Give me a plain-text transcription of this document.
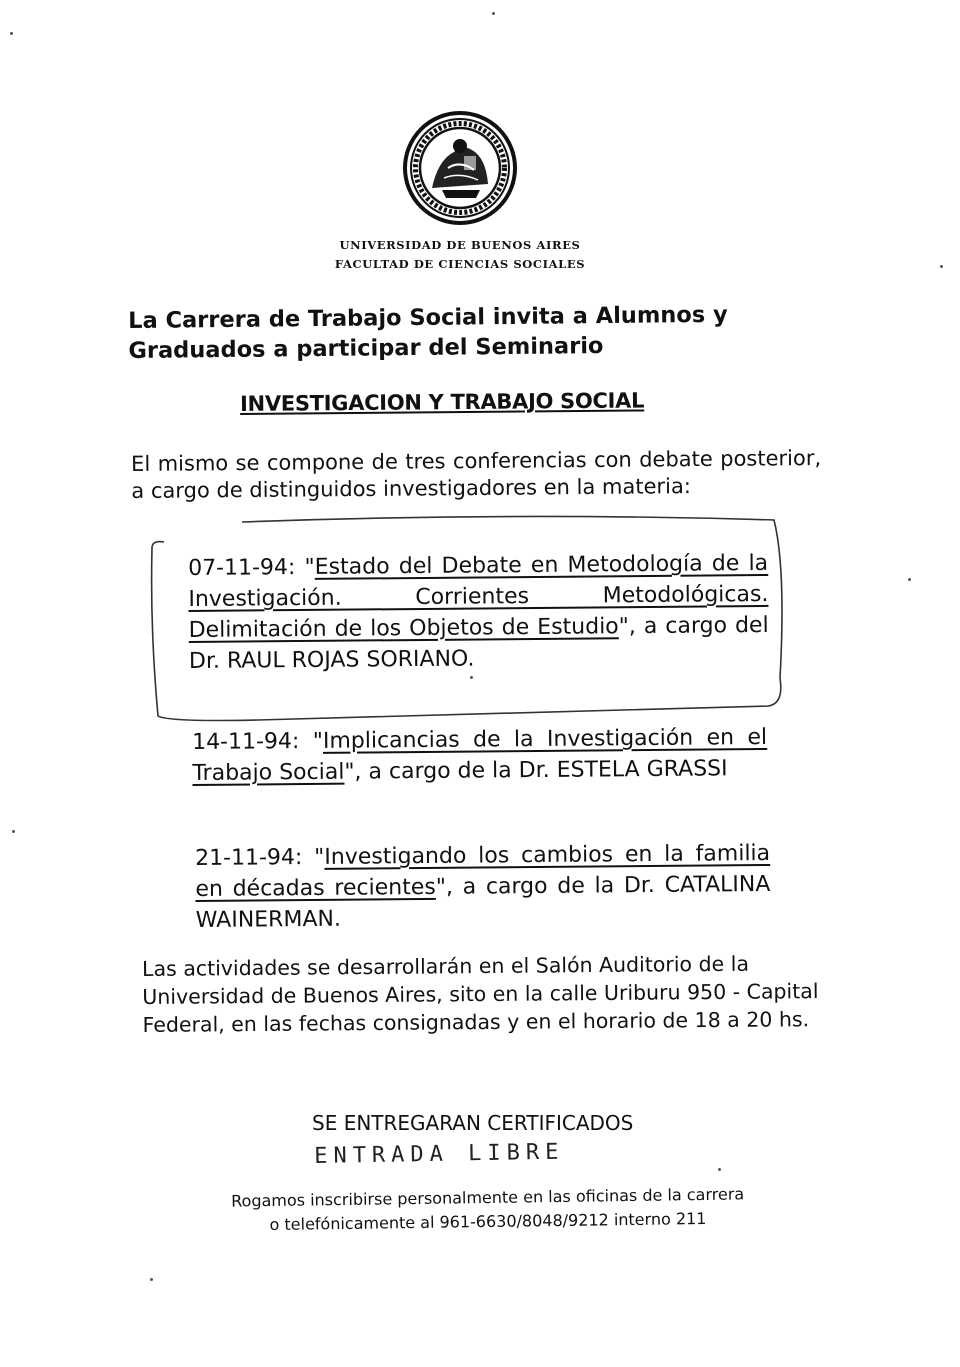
UNIVERSIDAD DE BUENOS AIRES
FACULTAD DE CIENCIAS SOCIALES
La Carrera de Trabajo Social invita a Alumnos y Graduados a participar del Seminario
INVESTIGACION Y TRABAJO SOCIAL
El mismo se compone de tres conferencias con debate posterior, a cargo de distinguidos investigadores en la materia:
07-11-94: "Estado del Debate en Metodología de la Investigación. Corrientes Metodológicas. Delimitación de los Objetos de Estudio", a cargo del Dr. RAUL ROJAS SORIANO.
14-11-94: "Implicancias de la Investigación en el Trabajo Social", a cargo de la Dr. ESTELA GRASSI
21-11-94: "Investigando los cambios en la familia en décadas recientes", a cargo de la Dr. CATALINA WAINERMAN.
Las actividades se desarrollarán en el Salón Auditorio de la Universidad de Buenos Aires, sito en la calle Uriburu 950 - Capital Federal, en las fechas consignadas y en el horario de 18 a 20 hs.
SE ENTREGARAN CERTIFICADOS
ENTRADA LIBRE
Rogamos inscribirse personalmente en las oficinas de la carrera
o telefónicamente al 961-6630/8048/9212 interno 211
